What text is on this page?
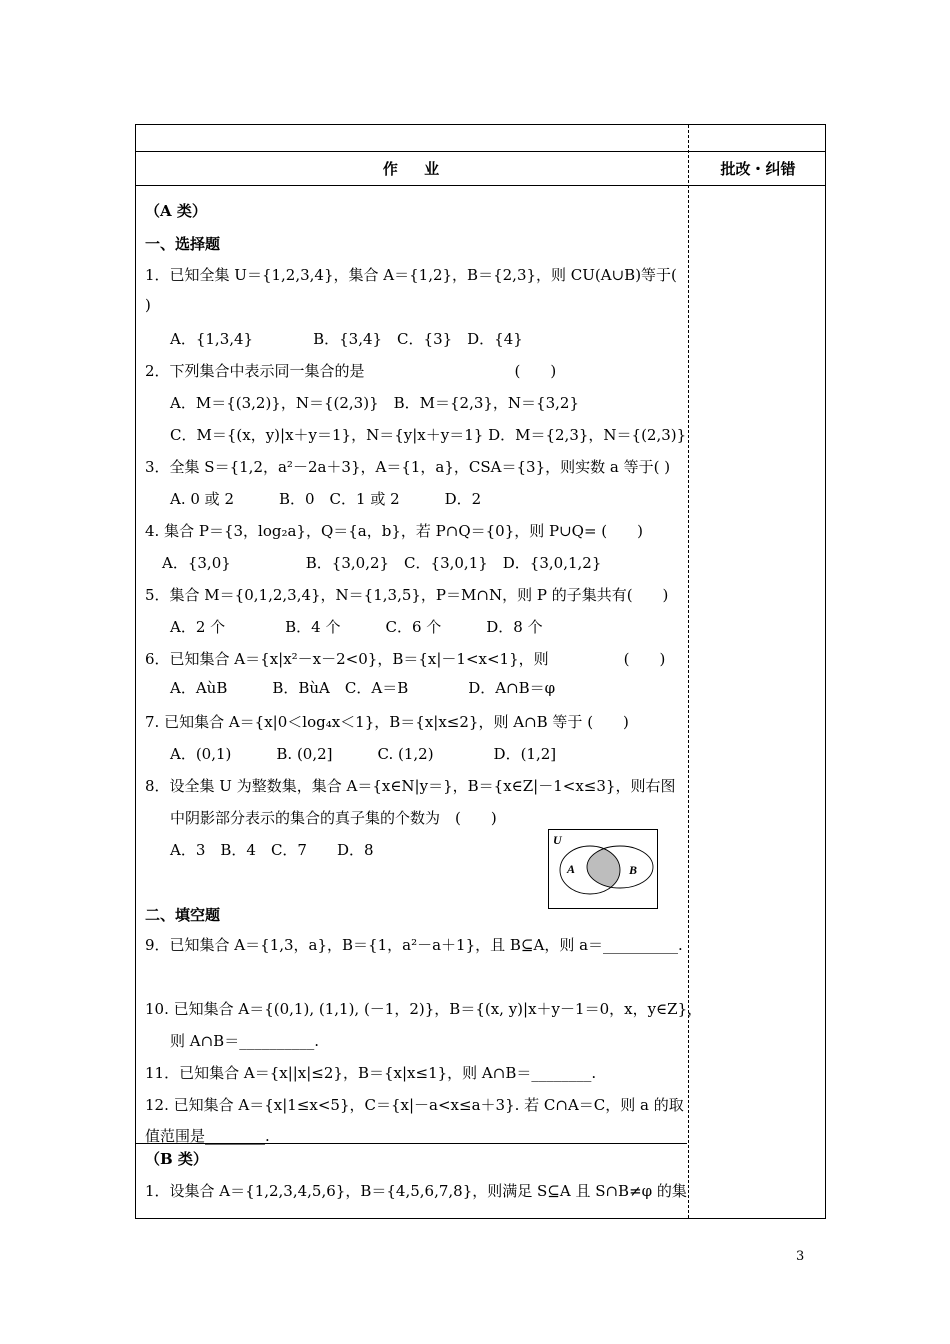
作　 业	批改・纠错
（A 类）
一、选择题
1．已知全集 U＝{1,2,3,4}，集合 A＝{1,2}，B＝{2,3}，则 CU(A∪B)等于(
)
A．{1,3,4}　　　　B．{3,4}　C．{3}　D．{4}
2．下列集合中表示同一集合的是　　　　　　　　　　(　　)
A．M＝{(3,2)}，N＝{(2,3)}　B．M＝{2,3}，N＝{3,2}
C．M＝{(x，y)|x＋y＝1}，N＝{y|x＋y＝1} D．M＝{2,3}，N＝{(2,3)}
3．全集 S＝{1,2，a²－2a＋3}，A＝{1，a}，CSA＝{3}，则实数 a 等于( )
A. 0 或 2　　　B．0　C．1 或 2　　　D．2
4. 集合 P＝{3，log₂a}，Q＝{a，b}，若 P∩Q＝{0}，则 P∪Q= (　　)
A．{3,0}　　　　　B．{3,0,2}　C．{3,0,1}　D．{3,0,1,2}
5．集合 M＝{0,1,2,3,4}，N＝{1,3,5}，P＝M∩N，则 P 的子集共有(　　)
A．2 个　　　　B．4 个　　　C．6 个　　　D．8 个
6．已知集合 A＝{x|x²－x－2<0}，B＝{x|－1<x<1}，则　　　　　(　　)
A．AùB　　　B．BùA　C．A＝B　　　　D．A∩B＝φ
7. 已知集合 A＝{x|0＜log₄x＜1}，B＝{x|x≤2}，则 A∩B 等于 (　　)
A．(0,1)　　　B. (0,2]　　　C. (1,2)　　　　D．(1,2]
8．设全集 U 为整数集，集合 A＝{x∈N|y＝}，B＝{x∈Z|－1<x≤3}，则右图
中阴影部分表示的集合的真子集的个数为　(　　)
A．3　B．4　C．7　　D．8
U
A	B
二、填空题
9．已知集合 A＝{1,3，a}，B＝{1，a²－a＋1}，且 B⊆A，则 a＝__________.
10. 已知集合 A＝{(0,1), (1,1), (－1，2)}，B＝{(x, y)|x＋y－1＝0，x，y∈Z}，
则 A∩B＝__________.
11．已知集合 A＝{x||x|≤2}，B＝{x|x≤1}，则 A∩B＝________.
12. 已知集合 A＝{x|1≤x<5}，C＝{x|－a<x≤a＋3}. 若 C∩A＝C，则 a 的取
值范围是________.
（B 类）
1．设集合 A＝{1,2,3,4,5,6}，B＝{4,5,6,7,8}，则满足 S⊆A 且 S∩B≠φ 的集
3
